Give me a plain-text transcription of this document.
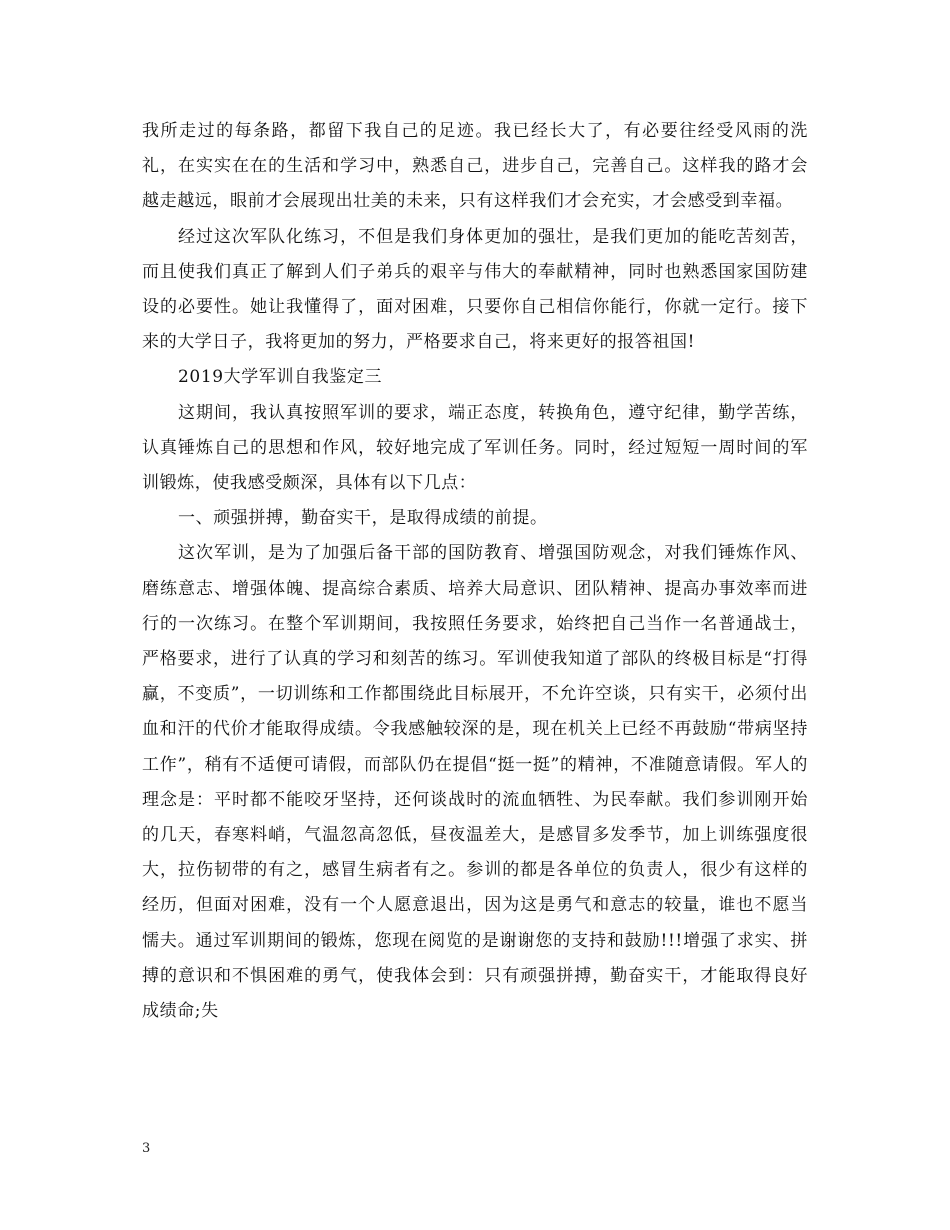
我所走过的每条路，都留下我自己的足迹。我已经长大了，有必要往经受风雨的洗礼，在实实在在的生活和学习中，熟悉自己，进步自己，完善自己。这样我的路才会越走越远，眼前才会展现出壮美的未来，只有这样我们才会充实，才会感受到幸福。

经过这次军队化练习，不但是我们身体更加的强壮，是我们更加的能吃苦刻苦，而且使我们真正了解到人们子弟兵的艰辛与伟大的奉献精神，同时也熟悉国家国防建设的必要性。她让我懂得了，面对困难，只要你自己相信你能行，你就一定行。接下来的大学日子，我将更加的努力，严格要求自己，将来更好的报答祖国!

2019大学军训自我鉴定三

这期间，我认真按照军训的要求，端正态度，转换角色，遵守纪律，勤学苦练，认真锤炼自己的思想和作风，较好地完成了军训任务。同时，经过短短一周时间的军训锻炼，使我感受颇深，具体有以下几点：

一、顽强拼搏，勤奋实干，是取得成绩的前提。

这次军训，是为了加强后备干部的国防教育、增强国防观念，对我们锤炼作风、磨练意志、增强体魄、提高综合素质、培养大局意识、团队精神、提高办事效率而进行的一次练习。在整个军训期间，我按照任务要求，始终把自己当作一名普通战士，严格要求，进行了认真的学习和刻苦的练习。军训使我知道了部队的终极目标是“打得赢，不变质”，一切训练和工作都围绕此目标展开，不允许空谈，只有实干，必须付出血和汗的代价才能取得成绩。令我感触较深的是，现在机关上已经不再鼓励“带病坚持工作”，稍有不适便可请假，而部队仍在提倡“挺一挺”的精神，不准随意请假。军人的理念是：平时都不能咬牙坚持，还何谈战时的流血牺牲、为民奉献。我们参训刚开始的几天，春寒料峭，气温忽高忽低，昼夜温差大，是感冒多发季节，加上训练强度很大，拉伤韧带的有之，感冒生病者有之。参训的都是各单位的负责人，很少有这样的经历，但面对困难，没有一个人愿意退出，因为这是勇气和意志的较量，谁也不愿当懦夫。通过军训期间的锻炼，您现在阅览的是谢谢您的支持和鼓励!!!增强了求实、拼搏的意识和不惧困难的勇气，使我体会到：只有顽强拼搏，勤奋实干，才能取得良好成绩命;失

3
